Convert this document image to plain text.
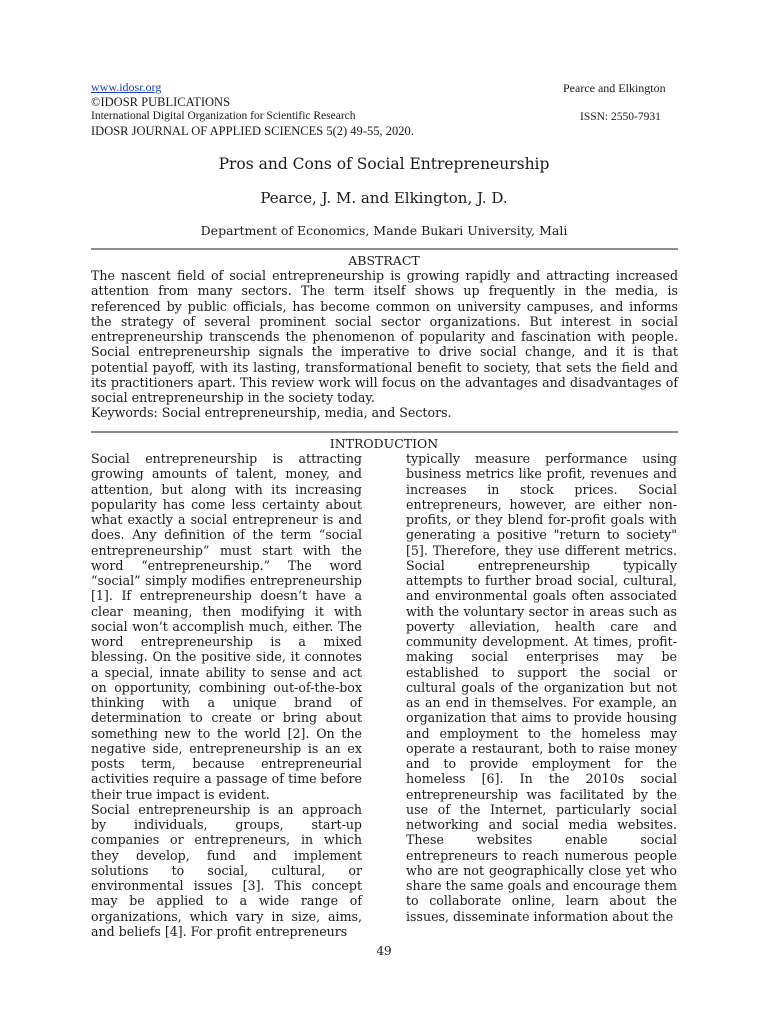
www.idosr.org
©IDOSR PUBLICATIONS
International Digital Organization for Scientific Research
IDOSR JOURNAL OF APPLIED SCIENCES 5(2) 49-55, 2020.
Pearce and Elkington
ISSN: 2550-7931
Pros and Cons of Social Entrepreneurship
Pearce, J. M. and Elkington, J. D.
Department of Economics, Mande Bukari University, Mali
ABSTRACT

The nascent field of social entrepreneurship is growing rapidly and attracting increased attention from many sectors. The term itself shows up frequently in the media, is referenced by public officials, has become common on university campuses, and informs the strategy of several prominent social sector organizations. But interest in social entrepreneurship transcends the phenomenon of popularity and fascination with people. Social entrepreneurship signals the imperative to drive social change, and it is that potential payoff, with its lasting, transformational benefit to society, that sets the field and its practitioners apart. This review work will focus on the advantages and disadvantages of social entrepreneurship in the society today.

Keywords: Social entrepreneurship, media, and Sectors.

INTRODUCTION

Social entrepreneurship is attracting growing amounts of talent, money, and attention, but along with its increasing popularity has come less certainty about what exactly a social entrepreneur is and does. Any definition of the term “social entrepreneurship” must start with the word “entrepreneurship.” The word “social” simply modifies entrepreneurship [1]. If entrepreneurship doesn’t have a clear meaning, then modifying it with social won’t accomplish much, either. The word entrepreneurship is a mixed blessing. On the positive side, it connotes a special, innate ability to sense and act on opportunity, combining out-of-the-box thinking with a unique brand of determination to create or bring about something new to the world [2]. On the negative side, entrepreneurship is an ex posts term, because entrepreneurial activities require a passage of time before their true impact is evident.

Social entrepreneurship is an approach by individuals, groups, start-up companies or entrepreneurs, in which they develop, fund and implement solutions to social, cultural, or environmental issues [3]. This concept may be applied to a wide range of organizations, which vary in size, aims, and beliefs [4]. For profit entrepreneurs

typically measure performance using business metrics like profit, revenues and increases in stock prices. Social entrepreneurs, however, are either non-profits, or they blend for-profit goals with generating a positive "return to society" [5]. Therefore, they use different metrics. Social entrepreneurship typically attempts to further broad social, cultural, and environmental goals often associated with the voluntary sector in areas such as poverty alleviation, health care and community development. At times, profit-making social enterprises may be established to support the social or cultural goals of the organization but not as an end in themselves. For example, an organization that aims to provide housing and employment to the homeless may operate a restaurant, both to raise money and to provide employment for the homeless [6]. In the 2010s social entrepreneurship was facilitated by the use of the Internet, particularly social networking and social media websites. These websites enable social entrepreneurs to reach numerous people who are not geographically close yet who share the same goals and encourage them to collaborate online, learn about the issues, disseminate information about the

49
